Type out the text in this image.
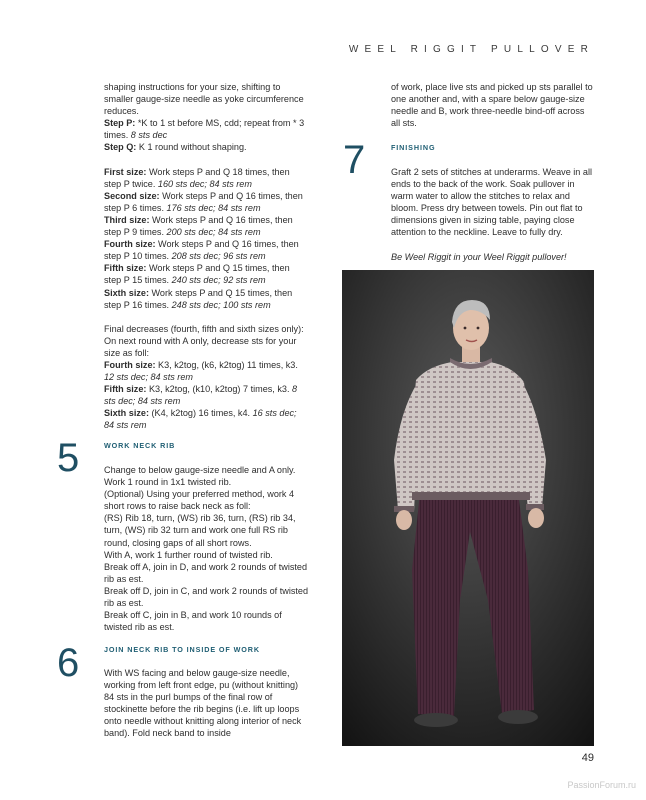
WEEL RIGGIT PULLOVER

shaping instructions for your size, shifting to smaller gauge-size needle as yoke circumference reduces.

Step P: *K to 1 st before MS, cdd; repeat from * 3 times. 8 sts dec

Step Q: K 1 round without shaping.

First size: Work steps P and Q 18 times, then step P twice. 160 sts dec; 84 sts rem

Second size: Work steps P and Q 16 times, then step P 6 times. 176 sts dec; 84 sts rem

Third size: Work steps P and Q 16 times, then step P 9 times. 200 sts dec; 84 sts rem

Fourth size: Work steps P and Q 16 times, then step P 10 times. 208 sts dec; 96 sts rem

Fifth size: Work steps P and Q 15 times, then step P 15 times. 240 sts dec; 92 sts rem

Sixth size: Work steps P and Q 15 times, then step P 16 times. 248 sts dec; 100 sts rem

Final decreases (fourth, fifth and sixth sizes only): On next round with A only, decrease sts for your size as foll:

Fourth size: K3, k2tog, (k6, k2tog) 11 times, k3. 12 sts dec; 84 sts rem

Fifth size: K3, k2tog, (k10, k2tog) 7 times, k3. 8 sts dec; 84 sts rem

Sixth size: (K4, k2tog) 16 times, k4. 16 sts dec; 84 sts rem

5	WORK NECK RIB

Change to below gauge-size needle and A only.

Work 1 round in 1x1 twisted rib.

(Optional) Using your preferred method, work 4 short rows to raise back neck as foll:

(RS) Rib 18, turn, (WS) rib 36, turn, (RS) rib 34, turn, (WS) rib 32 turn and work one full RS rib round, closing gaps of all short rows.

With A, work 1 further round of twisted rib.

Break off A, join in D, and work 2 rounds of twisted rib as est.

Break off D, join in C, and work 2 rounds of twisted rib as est.

Break off C, join in B, and work 10 rounds of twisted rib as est.

6	JOIN NECK RIB TO INSIDE OF WORK

With WS facing and below gauge-size needle, working from left front edge, pu (without knitting) 84 sts in the purl bumps of the final row of stockinette before the rib begins (i.e. lift up loops onto needle without knitting along interior of neck band). Fold neck band to inside

of work, place live sts and picked up sts parallel to one another and, with a spare below gauge-size needle and B, work three-needle bind-off across all sts.

7	FINISHING

Graft 2 sets of stitches at underarms. Weave in all ends to the back of the work. Soak pullover in warm water to allow the stitches to relax and bloom. Press dry between towels. Pin out flat to dimensions given in sizing table, paying close attention to the neckline. Leave to fully dry.

Be Weel Riggit in your Weel Riggit pullover!

49
PassionForum.ru
